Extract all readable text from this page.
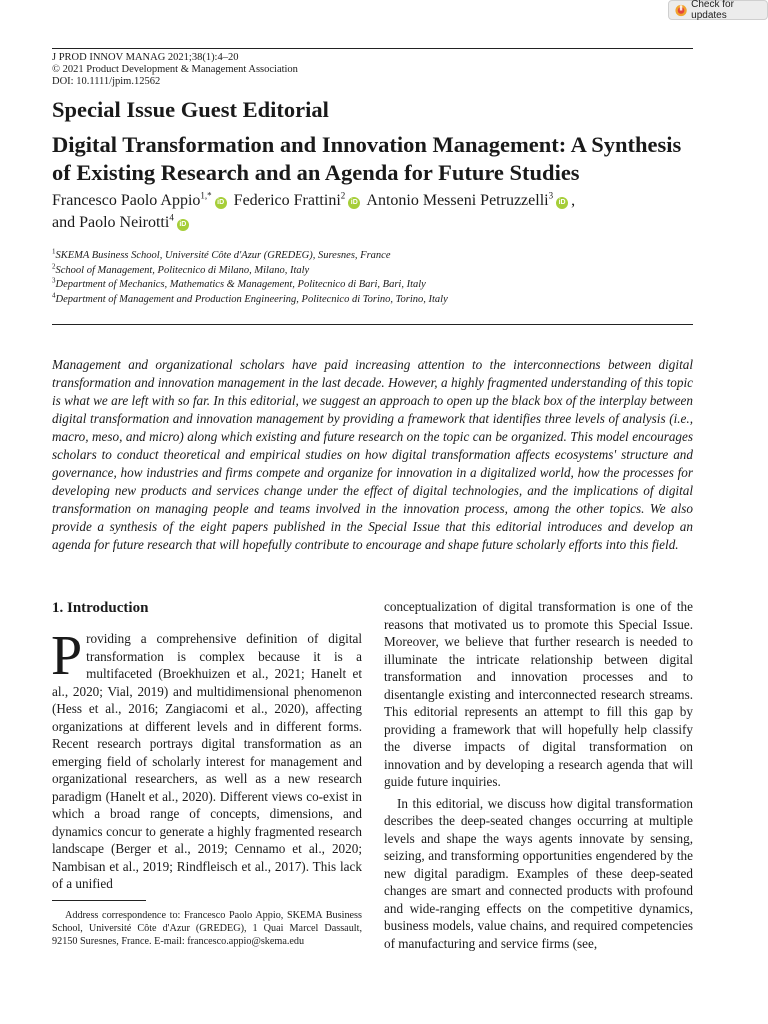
Check for updates
J PROD INNOV MANAG 2021;38(1):4–20
© 2021 Product Development & Management Association
DOI: 10.1111/jpim.12562
Special Issue Guest Editorial
Digital Transformation and Innovation Management: A Synthesis of Existing Research and an Agenda for Future Studies
Francesco Paolo Appio$^{1,*}$iD Federico Frattini$^2$iD Antonio Messeni Petruzzelli$^3$iD ,
and Paolo Neirotti$^4$iD
$^1$SKEMA Business School, Université Côte d'Azur (GREDEG), Suresnes, France
$^2$School of Management, Politecnico di Milano, Milano, Italy
$^3$Department of Mechanics, Mathematics & Management, Politecnico di Bari, Bari, Italy
$^4$Department of Management and Production Engineering, Politecnico di Torino, Torino, Italy

Management and organizational scholars have paid increasing attention to the interconnections between digital transformation and innovation management in the last decade. However, a highly fragmented understanding of this topic is what we are left with so far. In this editorial, we suggest an approach to open up the black box of the interplay between digital transformation and innovation management by providing a framework that identifies three levels of analysis (i.e., macro, meso, and micro) along which existing and future research on the topic can be organized. This model encourages scholars to conduct theoretical and empirical studies on how digital transformation affects ecosystems' structure and governance, how industries and firms compete and organize for innovation in a digitalized world, how the processes for developing new products and services change under the effect of digital technologies, and the implications of digital transformation on managing people and teams involved in the innovation process, among the other topics. We also provide a synthesis of the eight papers published in the Special Issue that this editorial introduces and develop an agenda for future research that will hopefully contribute to encourage and shape future scholarly efforts into this field.

1. Introduction
Providing a comprehensive definition of digital transformation is complex because it is a multifaceted (Broekhuizen et al., 2021; Hanelt et al., 2020; Vial, 2019) and multidimensional phenomenon (Hess et al., 2016; Zangiacomi et al., 2020), affecting organizations at different levels and in different forms. Recent research portrays digital transformation as an emerging field of scholarly interest for management and organizational researchers, as well as a new research paradigm (Hanelt et al., 2020). Different views co-exist in which a broad range of concepts, dimensions, and dynamics concur to generate a highly fragmented research landscape (Berger et al., 2019; Cennamo et al., 2020; Nambisan et al., 2019; Rindfleisch et al., 2017). This lack of a unified

conceptualization of digital transformation is one of the reasons that motivated us to promote this Special Issue. Moreover, we believe that further research is needed to illuminate the intricate relationship between digital transformation and innovation processes and to disentangle existing and interconnected research streams. This editorial represents an attempt to fill this gap by providing a framework that will hopefully help classify the diverse impacts of digital transformation on innovation and by developing a research agenda that will guide future inquiries.

In this editorial, we discuss how digital transformation describes the deep-seated changes occurring at multiple levels and shape the ways agents innovate by sensing, seizing, and transforming opportunities engendered by the new digital paradigm. Examples of these deep-seated changes are smart and connected products with profound and wide-ranging effects on the competitive dynamics, business models, value chains, and required competencies of manufacturing and service firms (see,

Address correspondence to: Francesco Paolo Appio, SKEMA Business School, Université Côte d'Azur (GREDEG), 1 Quai Marcel Dassault, 92150 Suresnes, France. E-mail: francesco.appio@skema.edu
